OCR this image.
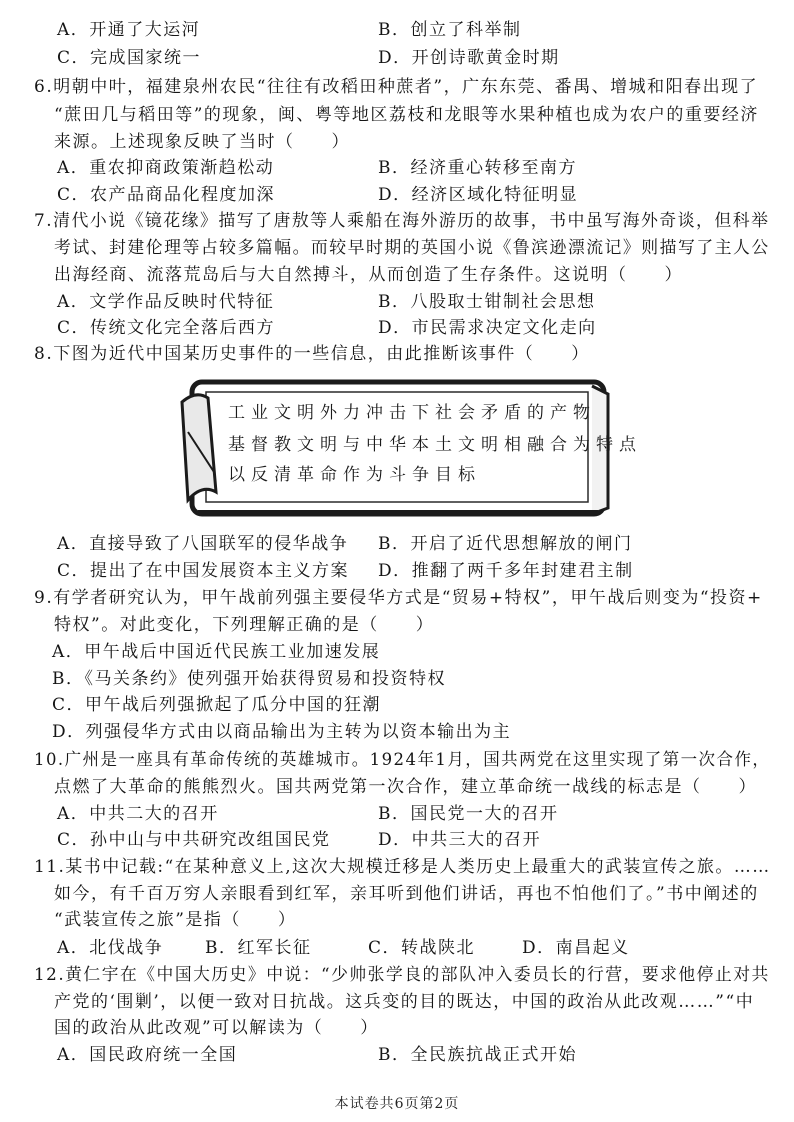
A．开通了大运河	B．创立了科举制
C．完成国家统一	D．开创诗歌黄金时期
6.明朝中叶，福建泉州农民“往往有改稻田种蔗者”，广东东莞、番禺、增城和阳春出现了
“蔗田几与稻田等”的现象，闽、粤等地区荔枝和龙眼等水果种植也成为农户的重要经济
来源。上述现象反映了当时（　　）
A．重农抑商政策渐趋松动	B．经济重心转移至南方
C．农产品商品化程度加深	D．经济区域化特征明显
7.清代小说《镜花缘》描写了唐敖等人乘船在海外游历的故事，书中虽写海外奇谈，但科举
考试、封建伦理等占较多篇幅。而较早时期的英国小说《鲁滨逊漂流记》则描写了主人公
出海经商、流落荒岛后与大自然搏斗，从而创造了生存条件。这说明（　　）
A．文学作品反映时代特征	B．八股取士钳制社会思想
C．传统文化完全落后西方	D．市民需求决定文化走向
8.下图为近代中国某历史事件的一些信息，由此推断该事件（　　）
工业文明外力冲击下社会矛盾的产物
基督教文明与中华本土文明相融合为特点
以反清革命作为斗争目标
A．直接导致了八国联军的侵华战争 B．开启了近代思想解放的闸门
C．提出了在中国发展资本主义方案 D．推翻了两千多年封建君主制
9.有学者研究认为，甲午战前列强主要侵华方式是“贸易+特权”，甲午战后则变为“投资+
特权”。对此变化，下列理解正确的是（　　）
A．甲午战后中国近代民族工业加速发展
B．《马关条约》使列强开始获得贸易和投资特权
C．甲午战后列强掀起了瓜分中国的狂潮
D．列强侵华方式由以商品输出为主转为以资本输出为主
10.广州是一座具有革命传统的英雄城市。1924年1月，国共两党在这里实现了第一次合作，
点燃了大革命的熊熊烈火。国共两党第一次合作，建立革命统一战线的标志是（　　）
A．中共二大的召开	B．国民党一大的召开
C．孙中山与中共研究改组国民党	D．中共三大的召开
11.某书中记载:“在某种意义上,这次大规模迁移是人类历史上最重大的武装宣传之旅。……
如今，有千百万穷人亲眼看到红军，亲耳听到他们讲话，再也不怕他们了。”书中阐述的
“武装宣传之旅”是指（　　）
A．北伐战争 B．红军长征	C．转战陕北	D．南昌起义
12.黄仁宇在《中国大历史》中说：“少帅张学良的部队冲入委员长的行营，要求他停止对共
产党的‘围剿’，以便一致对日抗战。这兵变的目的既达，中国的政治从此改观……”“中
国的政治从此改观”可以解读为（　　）
A．国民政府统一全国	B．全民族抗战正式开始
本试卷共6页第2页
